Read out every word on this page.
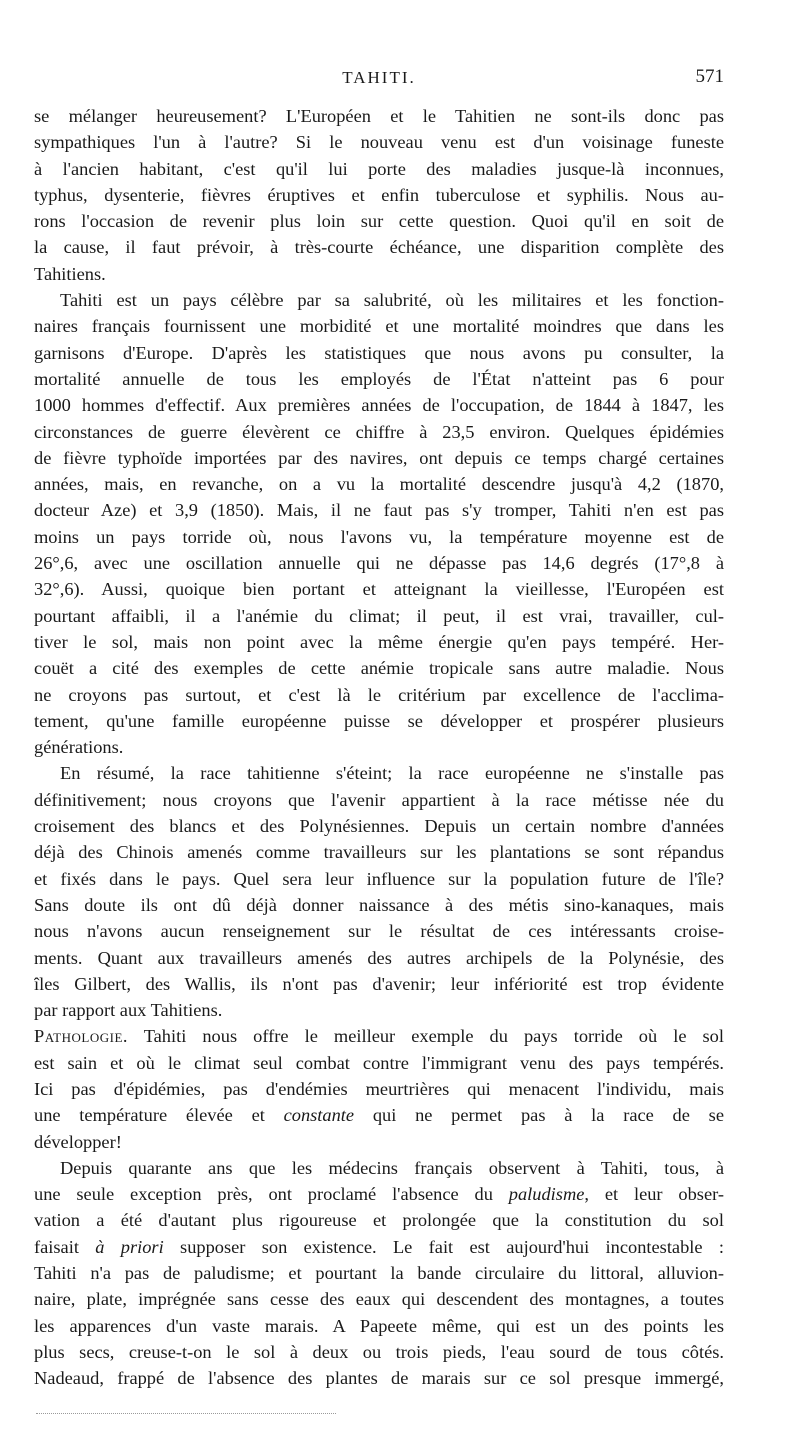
TAHITI.	571
se mélanger heureusement? L'Européen et le Tahitien ne sont-ils donc pas
sympathiques l'un à l'autre? Si le nouveau venu est d'un voisinage funeste
à l'ancien habitant, c'est qu'il lui porte des maladies jusque-là inconnues,
typhus, dysenterie, fièvres éruptives et enfin tuberculose et syphilis. Nous au-
rons l'occasion de revenir plus loin sur cette question. Quoi qu'il en soit de
la cause, il faut prévoir, à très-courte échéance, une disparition complète des
Tahitiens.
Tahiti est un pays célèbre par sa salubrité, où les militaires et les fonction-
naires français fournissent une morbidité et une mortalité moindres que dans les
garnisons d'Europe. D'après les statistiques que nous avons pu consulter, la
mortalité annuelle de tous les employés de l'État n'atteint pas 6 pour
1000 hommes d'effectif. Aux premières années de l'occupation, de 1844 à 1847, les
circonstances de guerre élevèrent ce chiffre à 23,5 environ. Quelques épidémies
de fièvre typhoïde importées par des navires, ont depuis ce temps chargé certaines
années, mais, en revanche, on a vu la mortalité descendre jusqu'à 4,2 (1870,
docteur Aze) et 3,9 (1850). Mais, il ne faut pas s'y tromper, Tahiti n'en est pas
moins un pays torride où, nous l'avons vu, la température moyenne est de
26°,6, avec une oscillation annuelle qui ne dépasse pas 14,6 degrés (17°,8 à
32°,6). Aussi, quoique bien portant et atteignant la vieillesse, l'Européen est
pourtant affaibli, il a l'anémie du climat; il peut, il est vrai, travailler, cul-
tiver le sol, mais non point avec la même énergie qu'en pays tempéré. Her-
couët a cité des exemples de cette anémie tropicale sans autre maladie. Nous
ne croyons pas surtout, et c'est là le critérium par excellence de l'acclima-
tement, qu'une famille européenne puisse se développer et prospérer plusieurs
générations.
En résumé, la race tahitienne s'éteint; la race européenne ne s'installe pas
définitivement; nous croyons que l'avenir appartient à la race métisse née du
croisement des blancs et des Polynésiennes. Depuis un certain nombre d'années
déjà des Chinois amenés comme travailleurs sur les plantations se sont répandus
et fixés dans le pays. Quel sera leur influence sur la population future de l'île?
Sans doute ils ont dû déjà donner naissance à des métis sino-kanaques, mais
nous n'avons aucun renseignement sur le résultat de ces intéressants croise-
ments. Quant aux travailleurs amenés des autres archipels de la Polynésie, des
îles Gilbert, des Wallis, ils n'ont pas d'avenir; leur infériorité est trop évidente
par rapport aux Tahitiens.
Pathologie. Tahiti nous offre le meilleur exemple du pays torride où le sol
est sain et où le climat seul combat contre l'immigrant venu des pays tempérés.
Ici pas d'épidémies, pas d'endémies meurtrières qui menacent l'individu, mais
une température élevée et constante qui ne permet pas à la race de se
développer!
Depuis quarante ans que les médecins français observent à Tahiti, tous, à
une seule exception près, ont proclamé l'absence du paludisme, et leur obser-
vation a été d'autant plus rigoureuse et prolongée que la constitution du sol
faisait à priori supposer son existence. Le fait est aujourd'hui incontestable :
Tahiti n'a pas de paludisme; et pourtant la bande circulaire du littoral, alluvion-
naire, plate, imprégnée sans cesse des eaux qui descendent des montagnes, a toutes
les apparences d'un vaste marais. A Papeete même, qui est un des points les
plus secs, creuse-t-on le sol à deux ou trois pieds, l'eau sourd de tous côtés.
Nadeaud, frappé de l'absence des plantes de marais sur ce sol presque immergé,
